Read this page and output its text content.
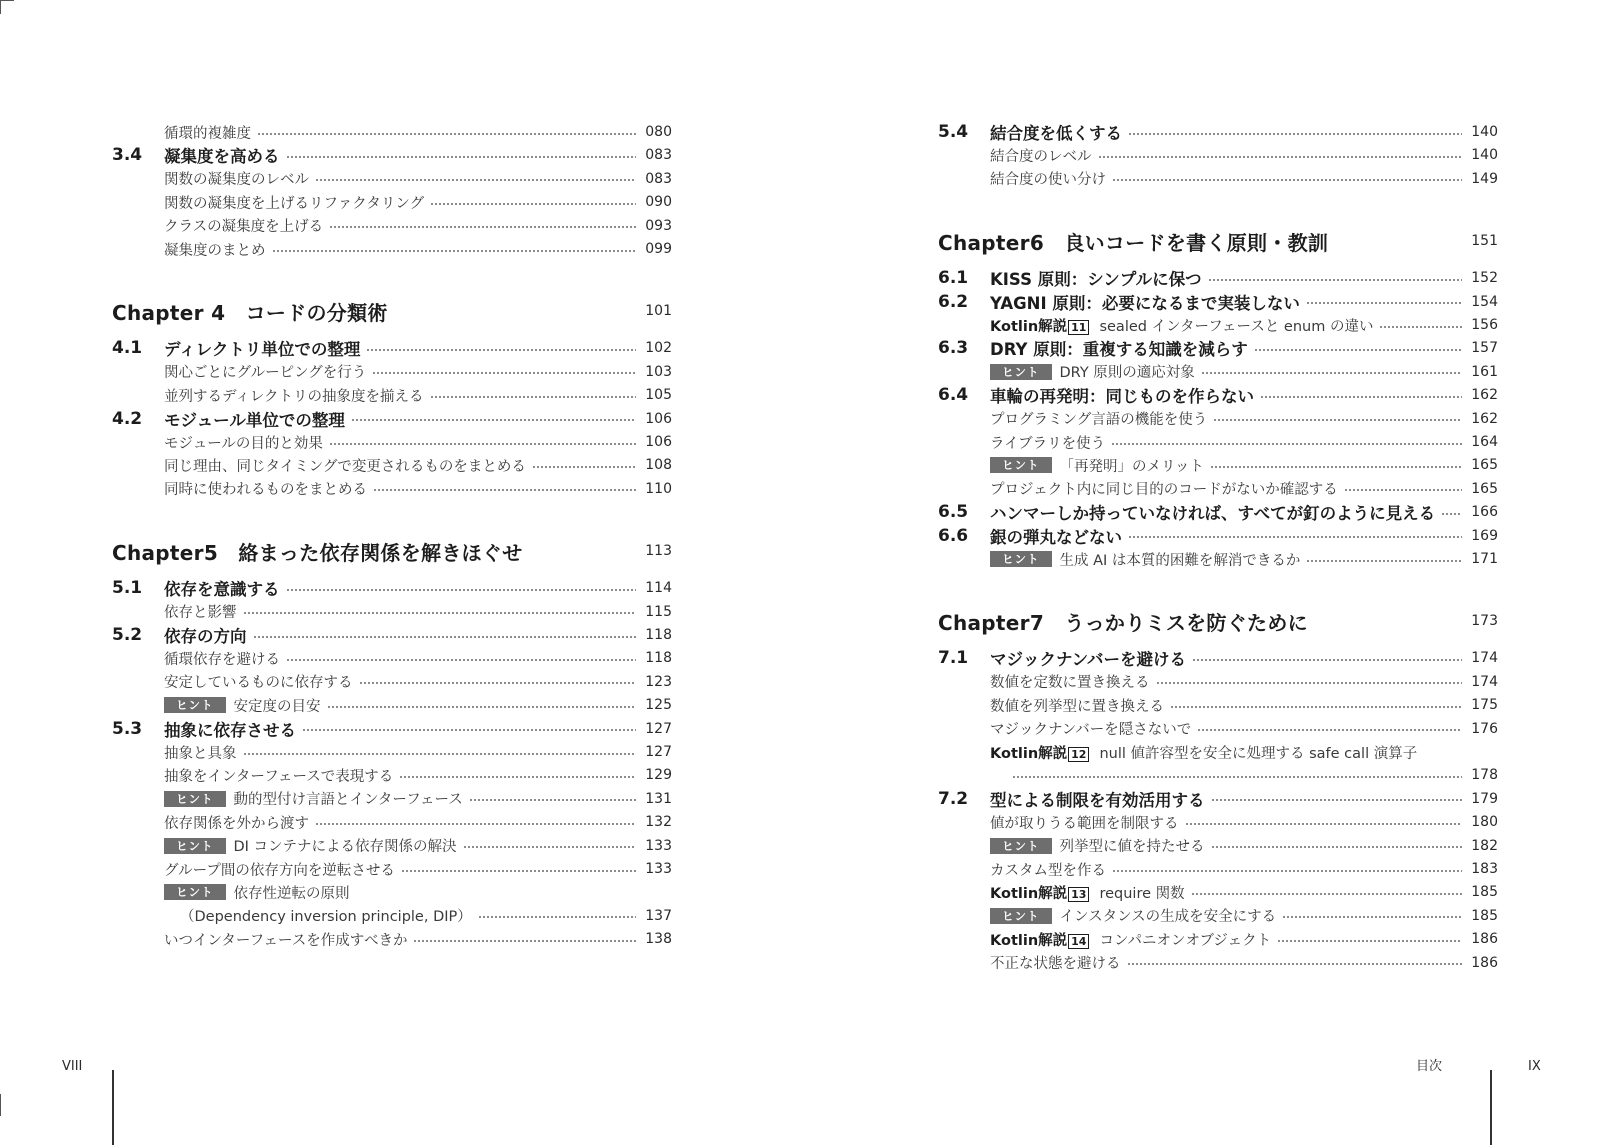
循環的複雑度	080
3.4	凝集度を高める	083
関数の凝集度のレベル	083
関数の凝集度を上げるリファクタリング	090
クラスの凝集度を上げる	093
凝集度のまとめ	099
Chapter 4　コードの分類術	101
4.1	ディレクトリ単位での整理	102
関心ごとにグルーピングを行う	103
並列するディレクトリの抽象度を揃える	105
4.2	モジュール単位での整理	106
モジュールの目的と効果	106
同じ理由、同じタイミングで変更されるものをまとめる	108
同時に使われるものをまとめる	110
Chapter5　絡まった依存関係を解きほぐせ	113
5.1	依存を意識する	114
依存と影響	115
5.2	依存の方向	118
循環依存を避ける	118
安定しているものに依存する	123
ヒント	安定度の目安	125
5.3	抽象に依存させる	127
抽象と具象	127
抽象をインターフェースで表現する	129
ヒント	動的型付け言語とインターフェース	131
依存関係を外から渡す	132
ヒント	DI コンテナによる依存関係の解決	133
グループ間の依存方向を逆転させる	133
ヒント	依存性逆転の原則
（Dependency inversion principle, DIP）	137
いつインターフェースを作成すべきか	138
5.4	結合度を低くする	140
結合度のレベル	140
結合度の使い分け	149
Chapter6　良いコードを書く原則・教訓	151
6.1	KISS 原則：シンプルに保つ	152
6.2	YAGNI 原則：必要になるまで実装しない	154
Kotlin解説 11 sealed インターフェースと enum の違い	156
6.3	DRY 原則：重複する知識を減らす	157
ヒント	DRY 原則の適応対象	161
6.4	車輪の再発明：同じものを作らない	162
プログラミング言語の機能を使う	162
ライブラリを使う	164
ヒント	「再発明」のメリット	165
プロジェクト内に同じ目的のコードがないか確認する	165
6.5	ハンマーしか持っていなければ、すべてが釘のように見える	166
6.6	銀の弾丸などない	169
ヒント	生成 AI は本質的困難を解消できるか	171
Chapter7　うっかりミスを防ぐために	173
7.1	マジックナンバーを避ける	174
数値を定数に置き換える	174
数値を列挙型に置き換える	175
マジックナンバーを隠さないで	176
Kotlin解説 12 null 値許容型を安全に処理する safe call 演算子
178
7.2	型による制限を有効活用する	179
値が取りうる範囲を制限する	180
ヒント	列挙型に値を持たせる	182
カスタム型を作る	183
Kotlin解説 13 require 関数	185
ヒント	インスタンスの生成を安全にする	185
Kotlin解説 14 コンパニオンオブジェクト	186
不正な状態を避ける	186
VIII	目次	IX
